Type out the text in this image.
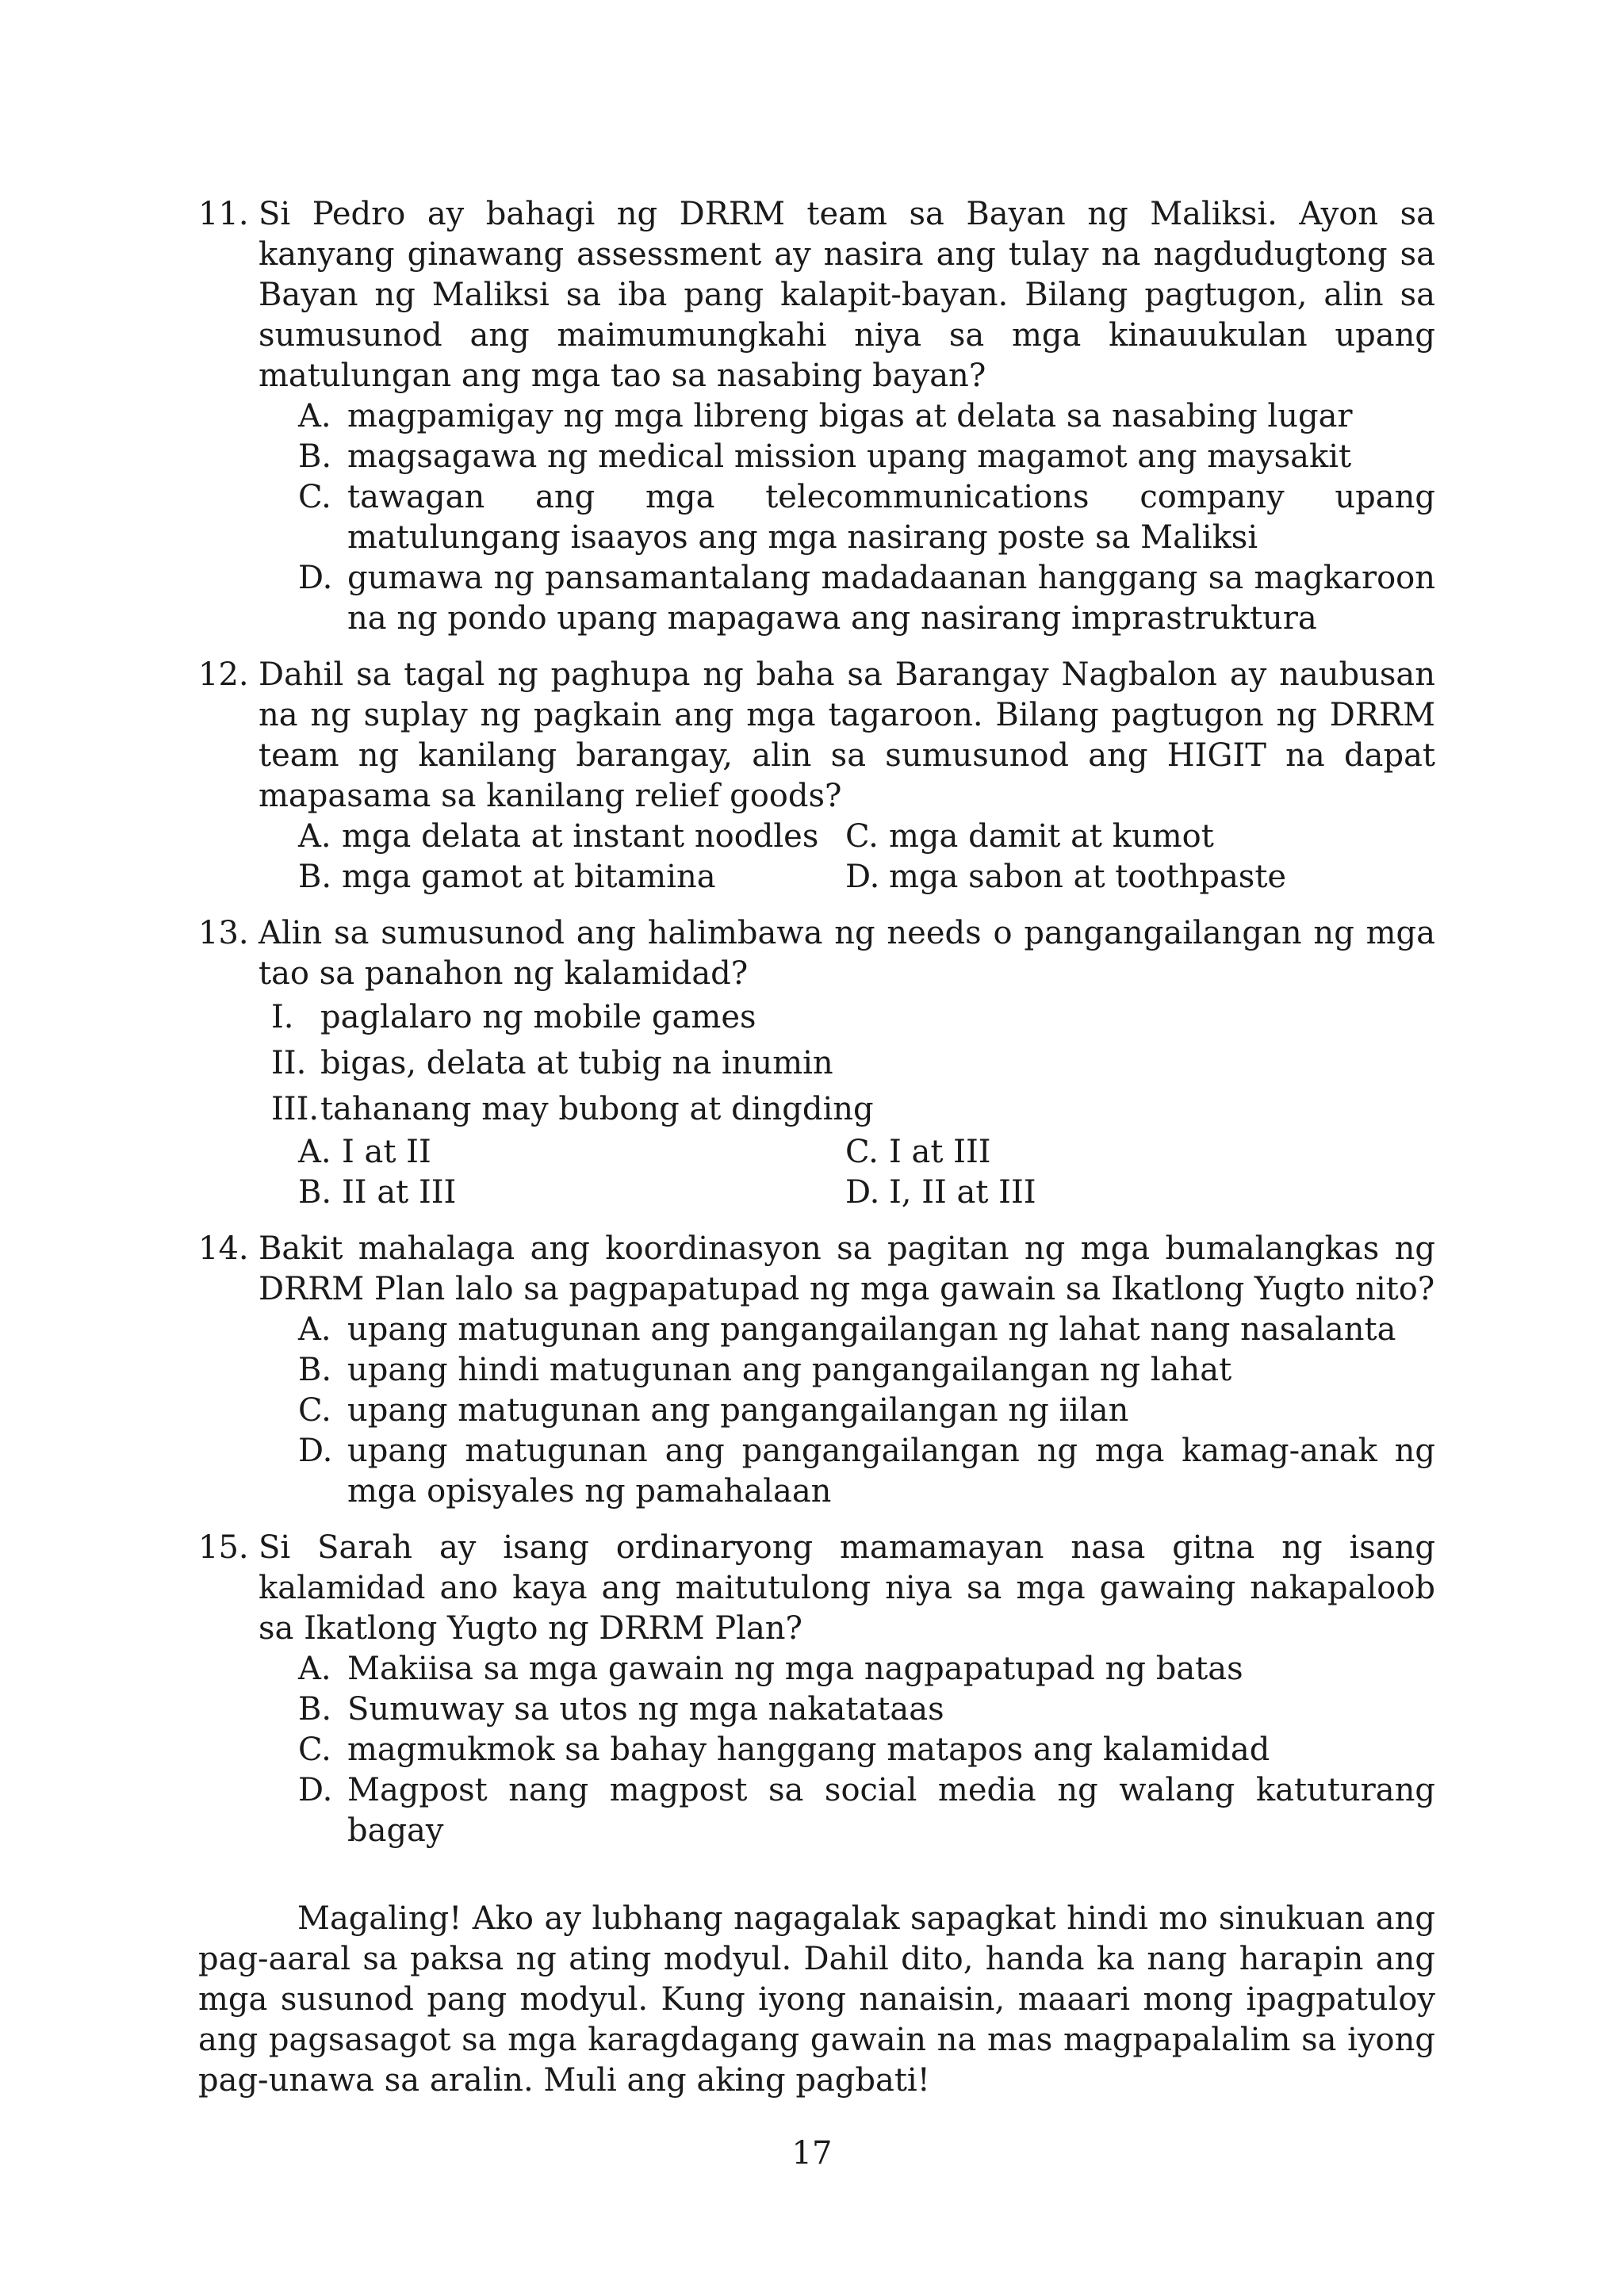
11. Si Pedro ay bahagi ng DRRM team sa Bayan ng Maliksi. Ayon sa kanyang ginawang assessment ay nasira ang tulay na nagdudugtong sa Bayan ng Maliksi sa iba pang kalapit-bayan. Bilang pagtugon, alin sa sumusunod ang maimumungkahi niya sa mga kinauukulan upang matulungan ang mga tao sa nasabing bayan?
A. magpamigay ng mga libreng bigas at delata sa nasabing lugar
B. magsagawa ng medical mission upang magamot ang maysakit
C. tawagan ang mga telecommunications company upang matulungang isaayos ang mga nasirang poste sa Maliksi
D. gumawa ng pansamantalang madadaanan hanggang sa magkaroon na ng pondo upang mapagawa ang nasirang imprastruktura
12. Dahil sa tagal ng paghupa ng baha sa Barangay Nagbalon ay naubusan na ng suplay ng pagkain ang mga tagaroon. Bilang pagtugon ng DRRM team ng kanilang barangay, alin sa sumusunod ang HIGIT na dapat mapasama sa kanilang relief goods?
A. mga delata at instant noodles C. mga damit at kumot
B. mga gamot at bitamina	D. mga sabon at toothpaste
13. Alin sa sumusunod ang halimbawa ng needs o pangangailangan ng mga tao sa panahon ng kalamidad?
I. paglalaro ng mobile games
II. bigas, delata at tubig na inumin
III. tahanang may bubong at dingding
A. I at II	C. I at III
B. II at III	D. I, II at III
14. Bakit mahalaga ang koordinasyon sa pagitan ng mga bumalangkas ng DRRM Plan lalo sa pagpapatupad ng mga gawain sa Ikatlong Yugto nito?
A. upang matugunan ang pangangailangan ng lahat nang nasalanta
B. upang hindi matugunan ang pangangailangan ng lahat
C. upang matugunan ang pangangailangan ng iilan
D. upang matugunan ang pangangailangan ng mga kamag-anak ng mga opisyales ng pamahalaan
15. Si Sarah ay isang ordinaryong mamamayan nasa gitna ng isang kalamidad ano kaya ang maitutulong niya sa mga gawaing nakapaloob sa Ikatlong Yugto ng DRRM Plan?
A. Makiisa sa mga gawain ng mga nagpapatupad ng batas
B. Sumuway sa utos ng mga nakatataas
C. magmukmok sa bahay hanggang matapos ang kalamidad
D. Magpost nang magpost sa social media ng walang katuturang bagay
Magaling! Ako ay lubhang nagagalak sapagkat hindi mo sinukuan ang pag-aaral sa paksa ng ating modyul. Dahil dito, handa ka nang harapin ang mga susunod pang modyul. Kung iyong nanaisin, maaari mong ipagpatuloy ang pagsasagot sa mga karagdagang gawain na mas magpapalalim sa iyong pag-unawa sa aralin. Muli ang aking pagbati!
17
